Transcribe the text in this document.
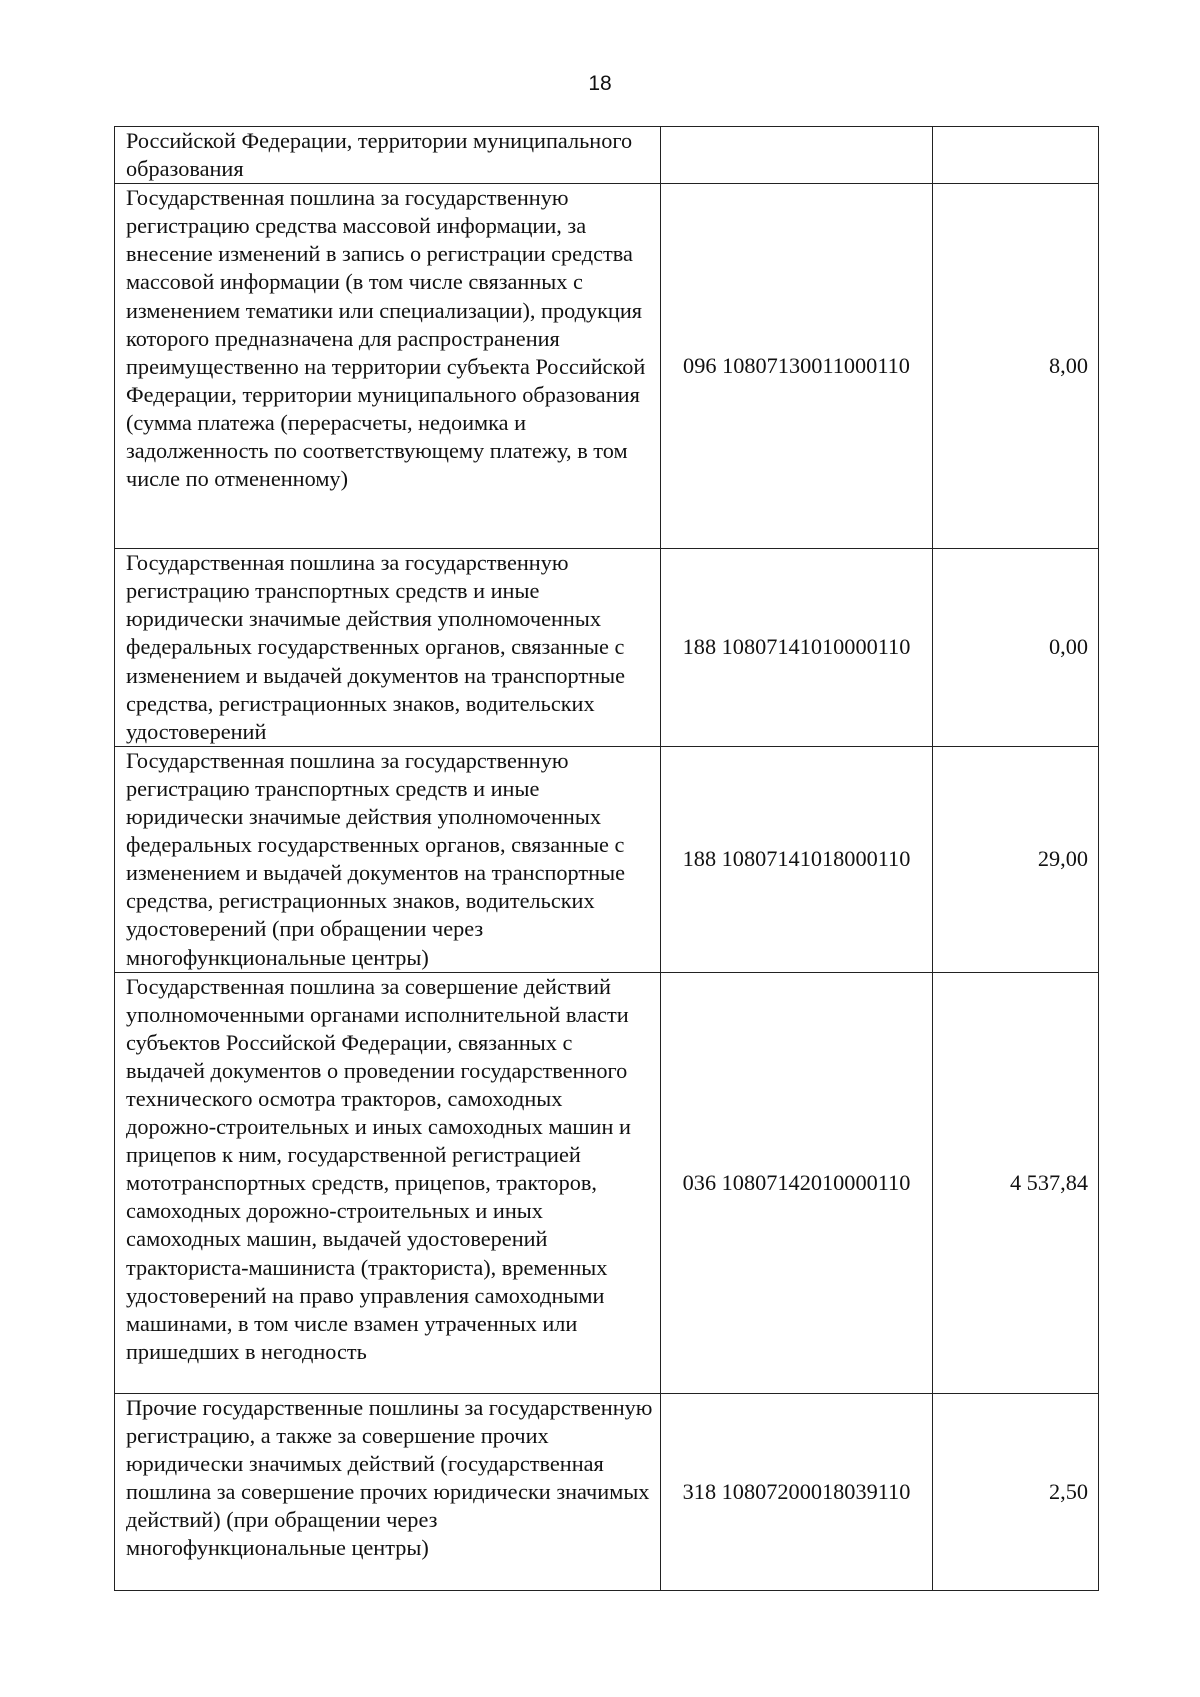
18
Российской Федерации, территории муниципального образования		

Государственная пошлина за государственную регистрацию средства массовой информации, за внесение изменений в запись о регистрации средства массовой информации (в том числе связанных с изменением тематики или специализации), продукция которого предназначена для распространения преимущественно на территории субъекта Российской Федерации, территории муниципального образования (сумма платежа (перерасчеты, недоимка и задолженность по соответствующему платежу, в том числе по отмененному)	096 10807130011000110	8,00

Государственная пошлина за государственную регистрацию транспортных средств и иные юридически значимые действия уполномоченных федеральных государственных органов, связанные с изменением и выдачей документов на транспортные средства, регистрационных знаков, водительских удостоверений	188 10807141010000110	0,00

Государственная пошлина за государственную регистрацию транспортных средств и иные юридически значимые действия уполномоченных федеральных государственных органов, связанные с изменением и выдачей документов на транспортные средства, регистрационных знаков, водительских удостоверений (при обращении через многофункциональные центры)	188 10807141018000110	29,00

Государственная пошлина за совершение действий уполномоченными органами исполнительной власти субъектов Российской Федерации, связанных с выдачей документов о проведении государственного технического осмотра тракторов, самоходных дорожно-строительных и иных самоходных машин и прицепов к ним, государственной регистрацией мототранспортных средств, прицепов, тракторов, самоходных дорожно-строительных и иных самоходных машин, выдачей удостоверений тракториста-машиниста (тракториста), временных удостоверений на право управления самоходными машинами, в том числе взамен утраченных или пришедших в негодность	036 10807142010000110	4 537,84

Прочие государственные пошлины за государственную регистрацию, а также за совершение прочих юридически значимых действий (государственная пошлина за совершение прочих юридически значимых действий) (при обращении через многофункциональные центры)	318 10807200018039110	2,50
